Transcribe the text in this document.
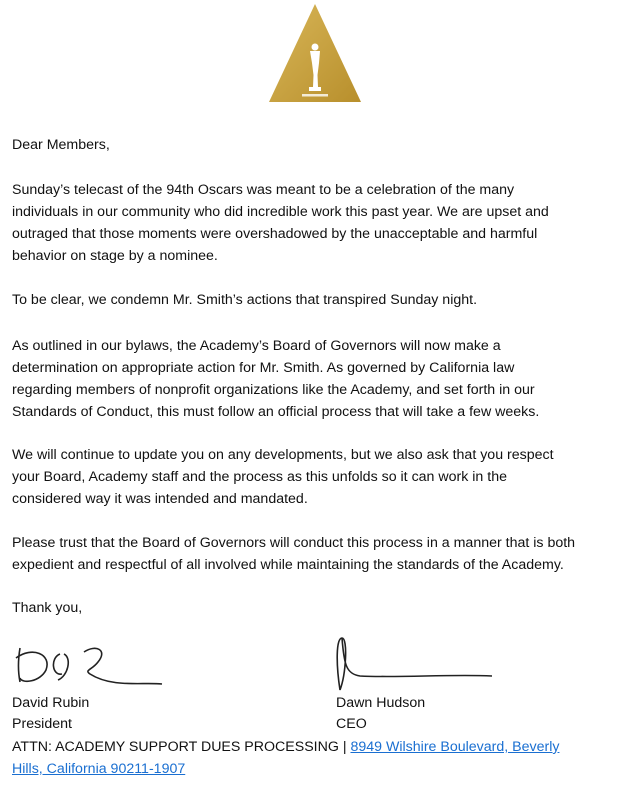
Dear Members,
Sunday’s telecast of the 94th Oscars was meant to be a celebration of the many
individuals in our community who did incredible work this past year. We are upset and
outraged that those moments were overshadowed by the unacceptable and harmful
behavior on stage by a nominee.
To be clear, we condemn Mr. Smith’s actions that transpired Sunday night.
As outlined in our bylaws, the Academy’s Board of Governors will now make a
determination on appropriate action for Mr. Smith. As governed by California law
regarding members of nonprofit organizations like the Academy, and set forth in our
Standards of Conduct, this must follow an official process that will take a few weeks.
We will continue to update you on any developments, but we also ask that you respect
your Board, Academy staff and the process as this unfolds so it can work in the
considered way it was intended and mandated.
Please trust that the Board of Governors will conduct this process in a manner that is both
expedient and respectful of all involved while maintaining the standards of the Academy.
Thank you,
David Rubin
President
Dawn Hudson
CEO
ATTN: ACADEMY SUPPORT DUES PROCESSING | 8949 Wilshire Boulevard, Beverly
Hills, California 90211-1907
